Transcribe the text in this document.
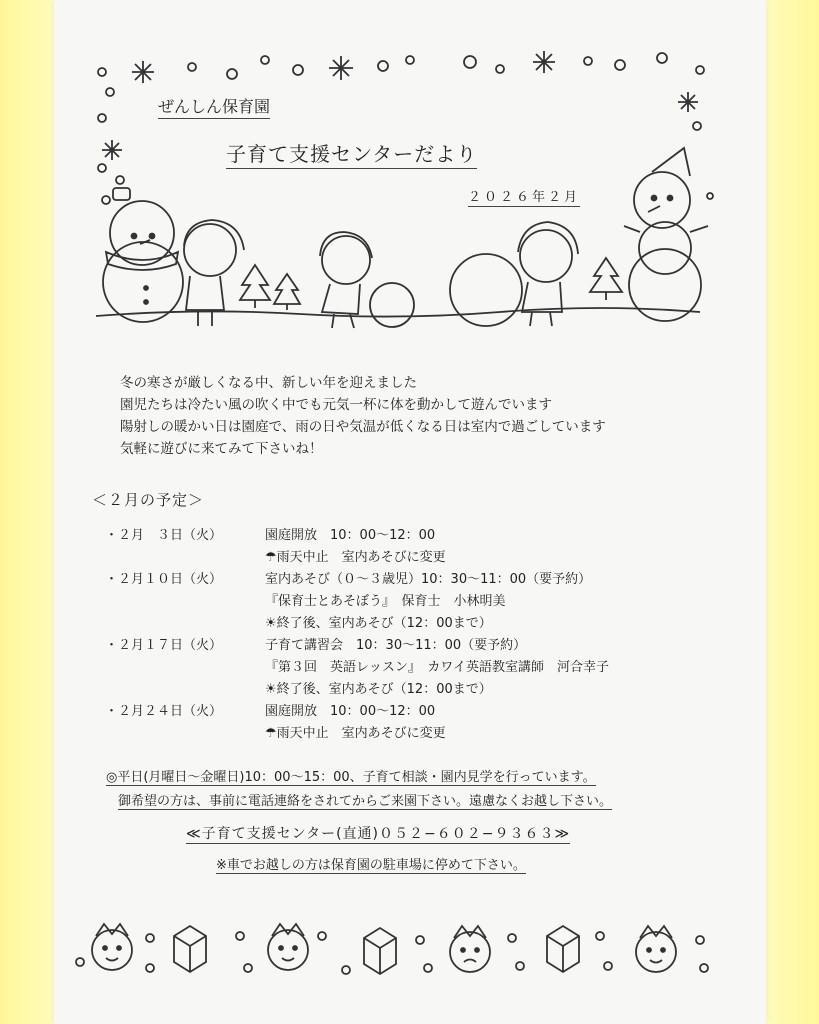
ぜんしん保育園
子育て支援センターだより
２０２６年２月
冬の寒さが厳しくなる中、新しい年を迎えました
園児たちは冷たい風の吹く中でも元気一杯に体を動かして遊んでいます
陽射しの暖かい日は園庭で、雨の日や気温が低くなる日は室内で過ごしています
気軽に遊びに来てみて下さいね！
＜２月の予定＞
・２月　３日（火）	園庭開放　10：00〜12：00
☂雨天中止　室内あそびに変更
・２月１０日（火）	室内あそび（０〜３歳児）10：30〜11：00（要予約）
『保育士とあそぼう』　保育士　小林明美
☀終了後、室内あそび（12：00まで）
・２月１７日（火）	子育て講習会　10：30〜11：00（要予約）
『第３回　英語レッスン』　カワイ英語教室講師　河合幸子
☀終了後、室内あそび（12：00まで）
・２月２４日（火）	園庭開放　10：00〜12：00
☂雨天中止　室内あそびに変更
◎平日(月曜日〜金曜日)10：00〜15：00、子育て相談・園内見学を行っています。
御希望の方は、事前に電話連絡をされてからご来園下さい。遠慮なくお越し下さい。
≪子育て支援センター(直通)０５２−６０２−９３６３≫
※車でお越しの方は保育園の駐車場に停めて下さい。
